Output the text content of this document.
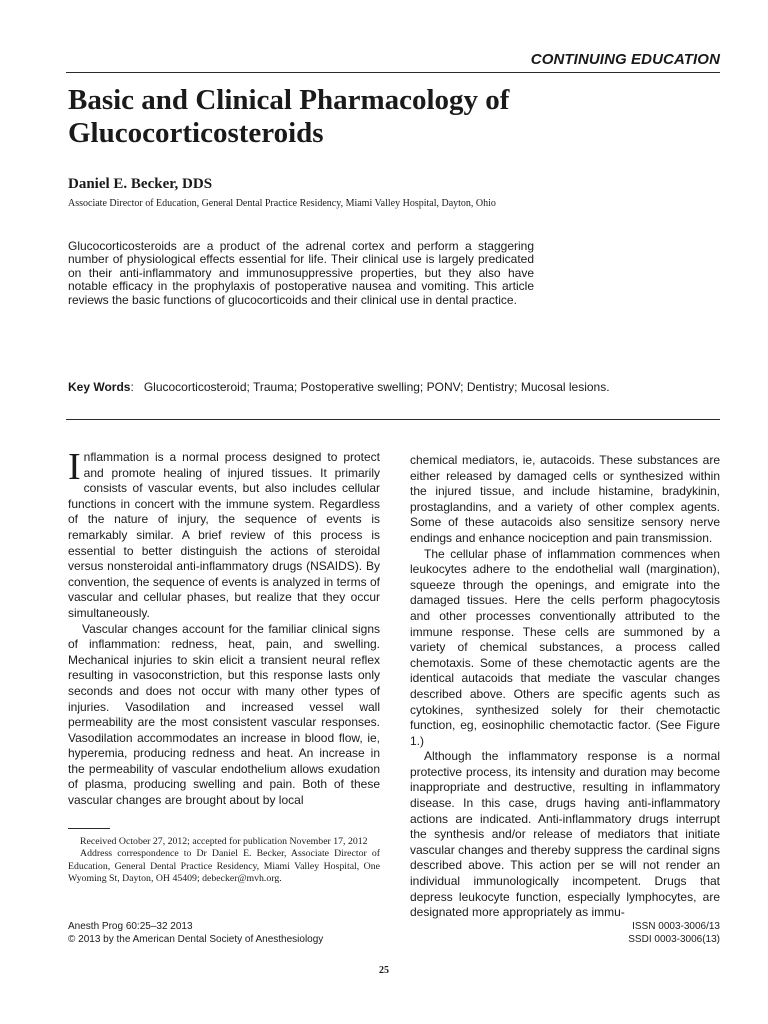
CONTINUING EDUCATION
Basic and Clinical Pharmacology of Glucocorticosteroids
Daniel E. Becker, DDS
Associate Director of Education, General Dental Practice Residency, Miami Valley Hospital, Dayton, Ohio

Glucocorticosteroids are a product of the adrenal cortex and perform a staggering number of physiological effects essential for life. Their clinical use is largely predicated on their anti-inflammatory and immunosuppressive properties, but they also have notable efficacy in the prophylaxis of postoperative nausea and vomiting. This article reviews the basic functions of glucocorticoids and their clinical use in dental practice.

Key Words:   Glucocorticosteroid; Trauma; Postoperative swelling; PONV; Dentistry; Mucosal lesions.

Inflammation is a normal process designed to protect and promote healing of injured tissues. It primarily consists of vascular events, but also includes cellular functions in concert with the immune system. Regardless of the nature of injury, the sequence of events is remarkably similar. A brief review of this process is essential to better distinguish the actions of steroidal versus nonsteroidal anti-inflammatory drugs (NSAIDS). By convention, the sequence of events is analyzed in terms of vascular and cellular phases, but realize that they occur simultaneously.

Vascular changes account for the familiar clinical signs of inflammation: redness, heat, pain, and swelling. Mechanical injuries to skin elicit a transient neural reflex resulting in vasoconstriction, but this response lasts only seconds and does not occur with many other types of injuries. Vasodilation and increased vessel wall permeability are the most consistent vascular responses. Vasodilation accommodates an increase in blood flow, ie, hyperemia, producing redness and heat. An increase in the permeability of vascular endothelium allows exudation of plasma, producing swelling and pain. Both of these vascular changes are brought about by local

chemical mediators, ie, autacoids. These substances are either released by damaged cells or synthesized within the injured tissue, and include histamine, bradykinin, prostaglandins, and a variety of other complex agents. Some of these autacoids also sensitize sensory nerve endings and enhance nociception and pain transmission.

The cellular phase of inflammation commences when leukocytes adhere to the endothelial wall (margination), squeeze through the openings, and emigrate into the damaged tissues. Here the cells perform phagocytosis and other processes conventionally attributed to the immune response. These cells are summoned by a variety of chemical substances, a process called chemotaxis. Some of these chemotactic agents are the identical autacoids that mediate the vascular changes described above. Others are specific agents such as cytokines, synthesized solely for their chemotactic function, eg, eosinophilic chemotactic factor. (See Figure 1.)

Although the inflammatory response is a normal protective process, its intensity and duration may become inappropriate and destructive, resulting in inflammatory disease. In this case, drugs having anti-inflammatory actions are indicated. Anti-inflammatory drugs interrupt the synthesis and/or release of mediators that initiate vascular changes and thereby suppress the cardinal signs described above. This action per se will not render an individual immunologically incompetent. Drugs that depress leukocyte function, especially lymphocytes, are designated more appropriately as immu-

Received October 27, 2012; accepted for publication November 17, 2012

Address correspondence to Dr Daniel E. Becker, Associate Director of Education, General Dental Practice Residency, Miami Valley Hospital, One Wyoming St, Dayton, OH 45409; debecker@mvh.org.

Anesth Prog 60:25–32 2013
© 2013 by the American Dental Society of Anesthesiology
ISSN 0003-3006/13
SSDI 0003-3006(13)
25
